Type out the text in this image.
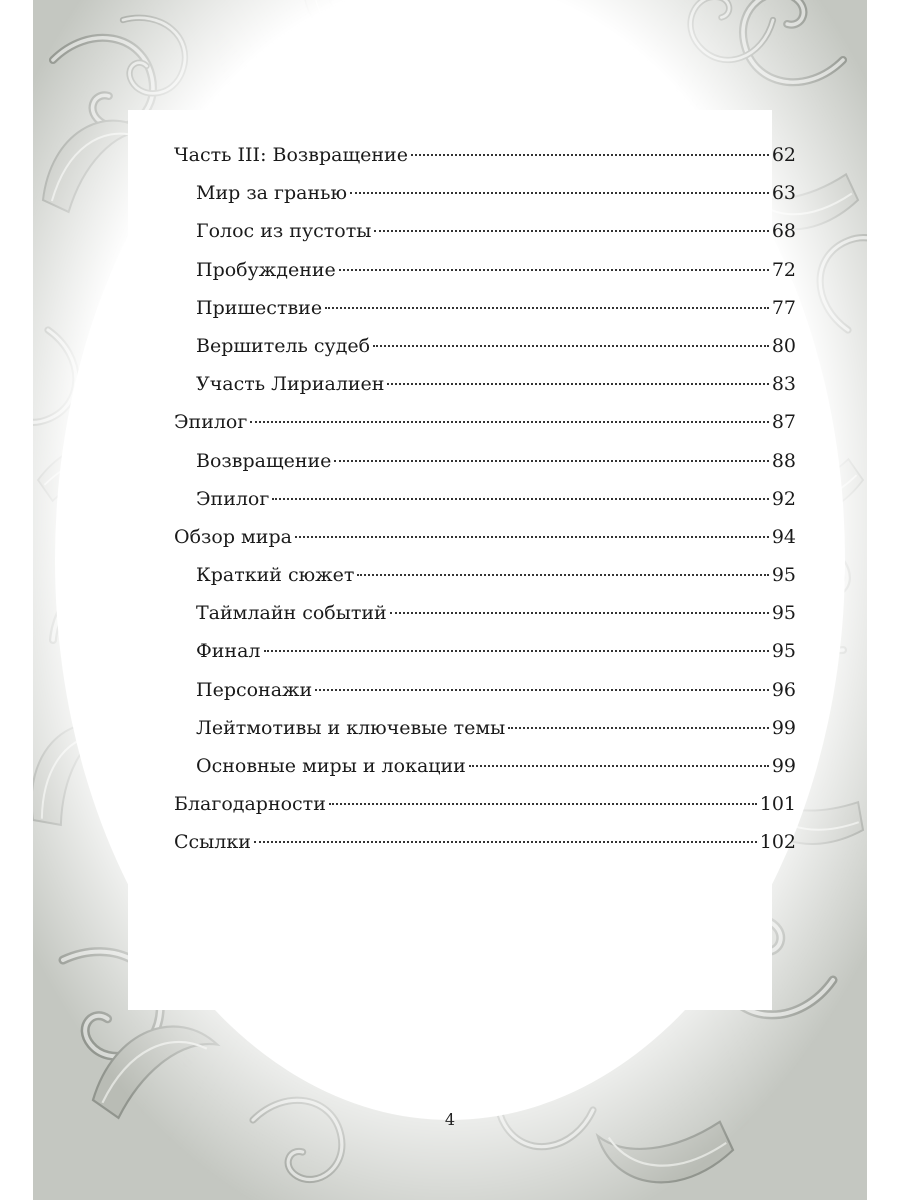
Часть III: Возвращение	62
Мир за гранью	63
Голос из пустоты	68
Пробуждение	72
Пришествие	77
Вершитель судеб	80
Участь Лириалиен	83
Эпилог	87
Возвращение	88
Эпилог	92
Обзор мира	94
Краткий сюжет	95
Таймлайн событий	95
Финал	95
Персонажи	96
Лейтмотивы и ключевые темы	99
Основные миры и локации	99
Благодарности	101
Ссылки	102
4
